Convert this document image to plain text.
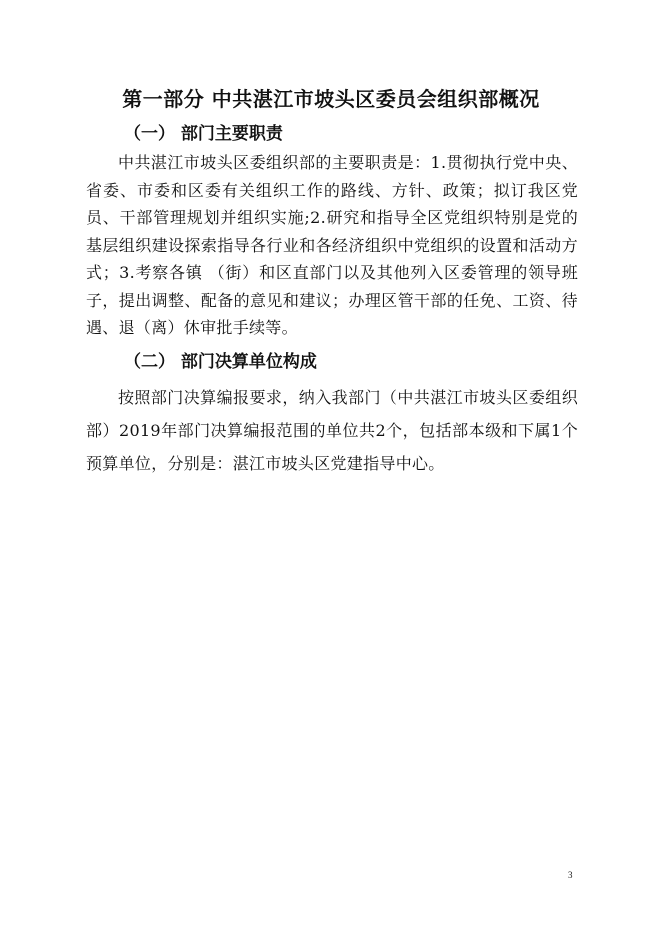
第一部分 中共湛江市坡头区委员会组织部概况
（一） 部门主要职责

中共湛江市坡头区委组织部的主要职责是：1.贯彻执行党中央、省委、市委和区委有关组织工作的路线、方针、政策；拟订我区党员、干部管理规划并组织实施;2.研究和指导全区党组织特别是党的基层组织建设探索指导各行业和各经济组织中党组织的设置和活动方式；3.考察各镇 （街）和区直部门以及其他列入区委管理的领导班子，提出调整、配备的意见和建议；办理区管干部的任免、工资、待遇、退（离）休审批手续等。

（二） 部门决算单位构成

按照部门决算编报要求，纳入我部门（中共湛江市坡头区委组织部）2019年部门决算编报范围的单位共2个，包括部本级和下属1个预算单位，分别是：湛江市坡头区党建指导中心。

3
